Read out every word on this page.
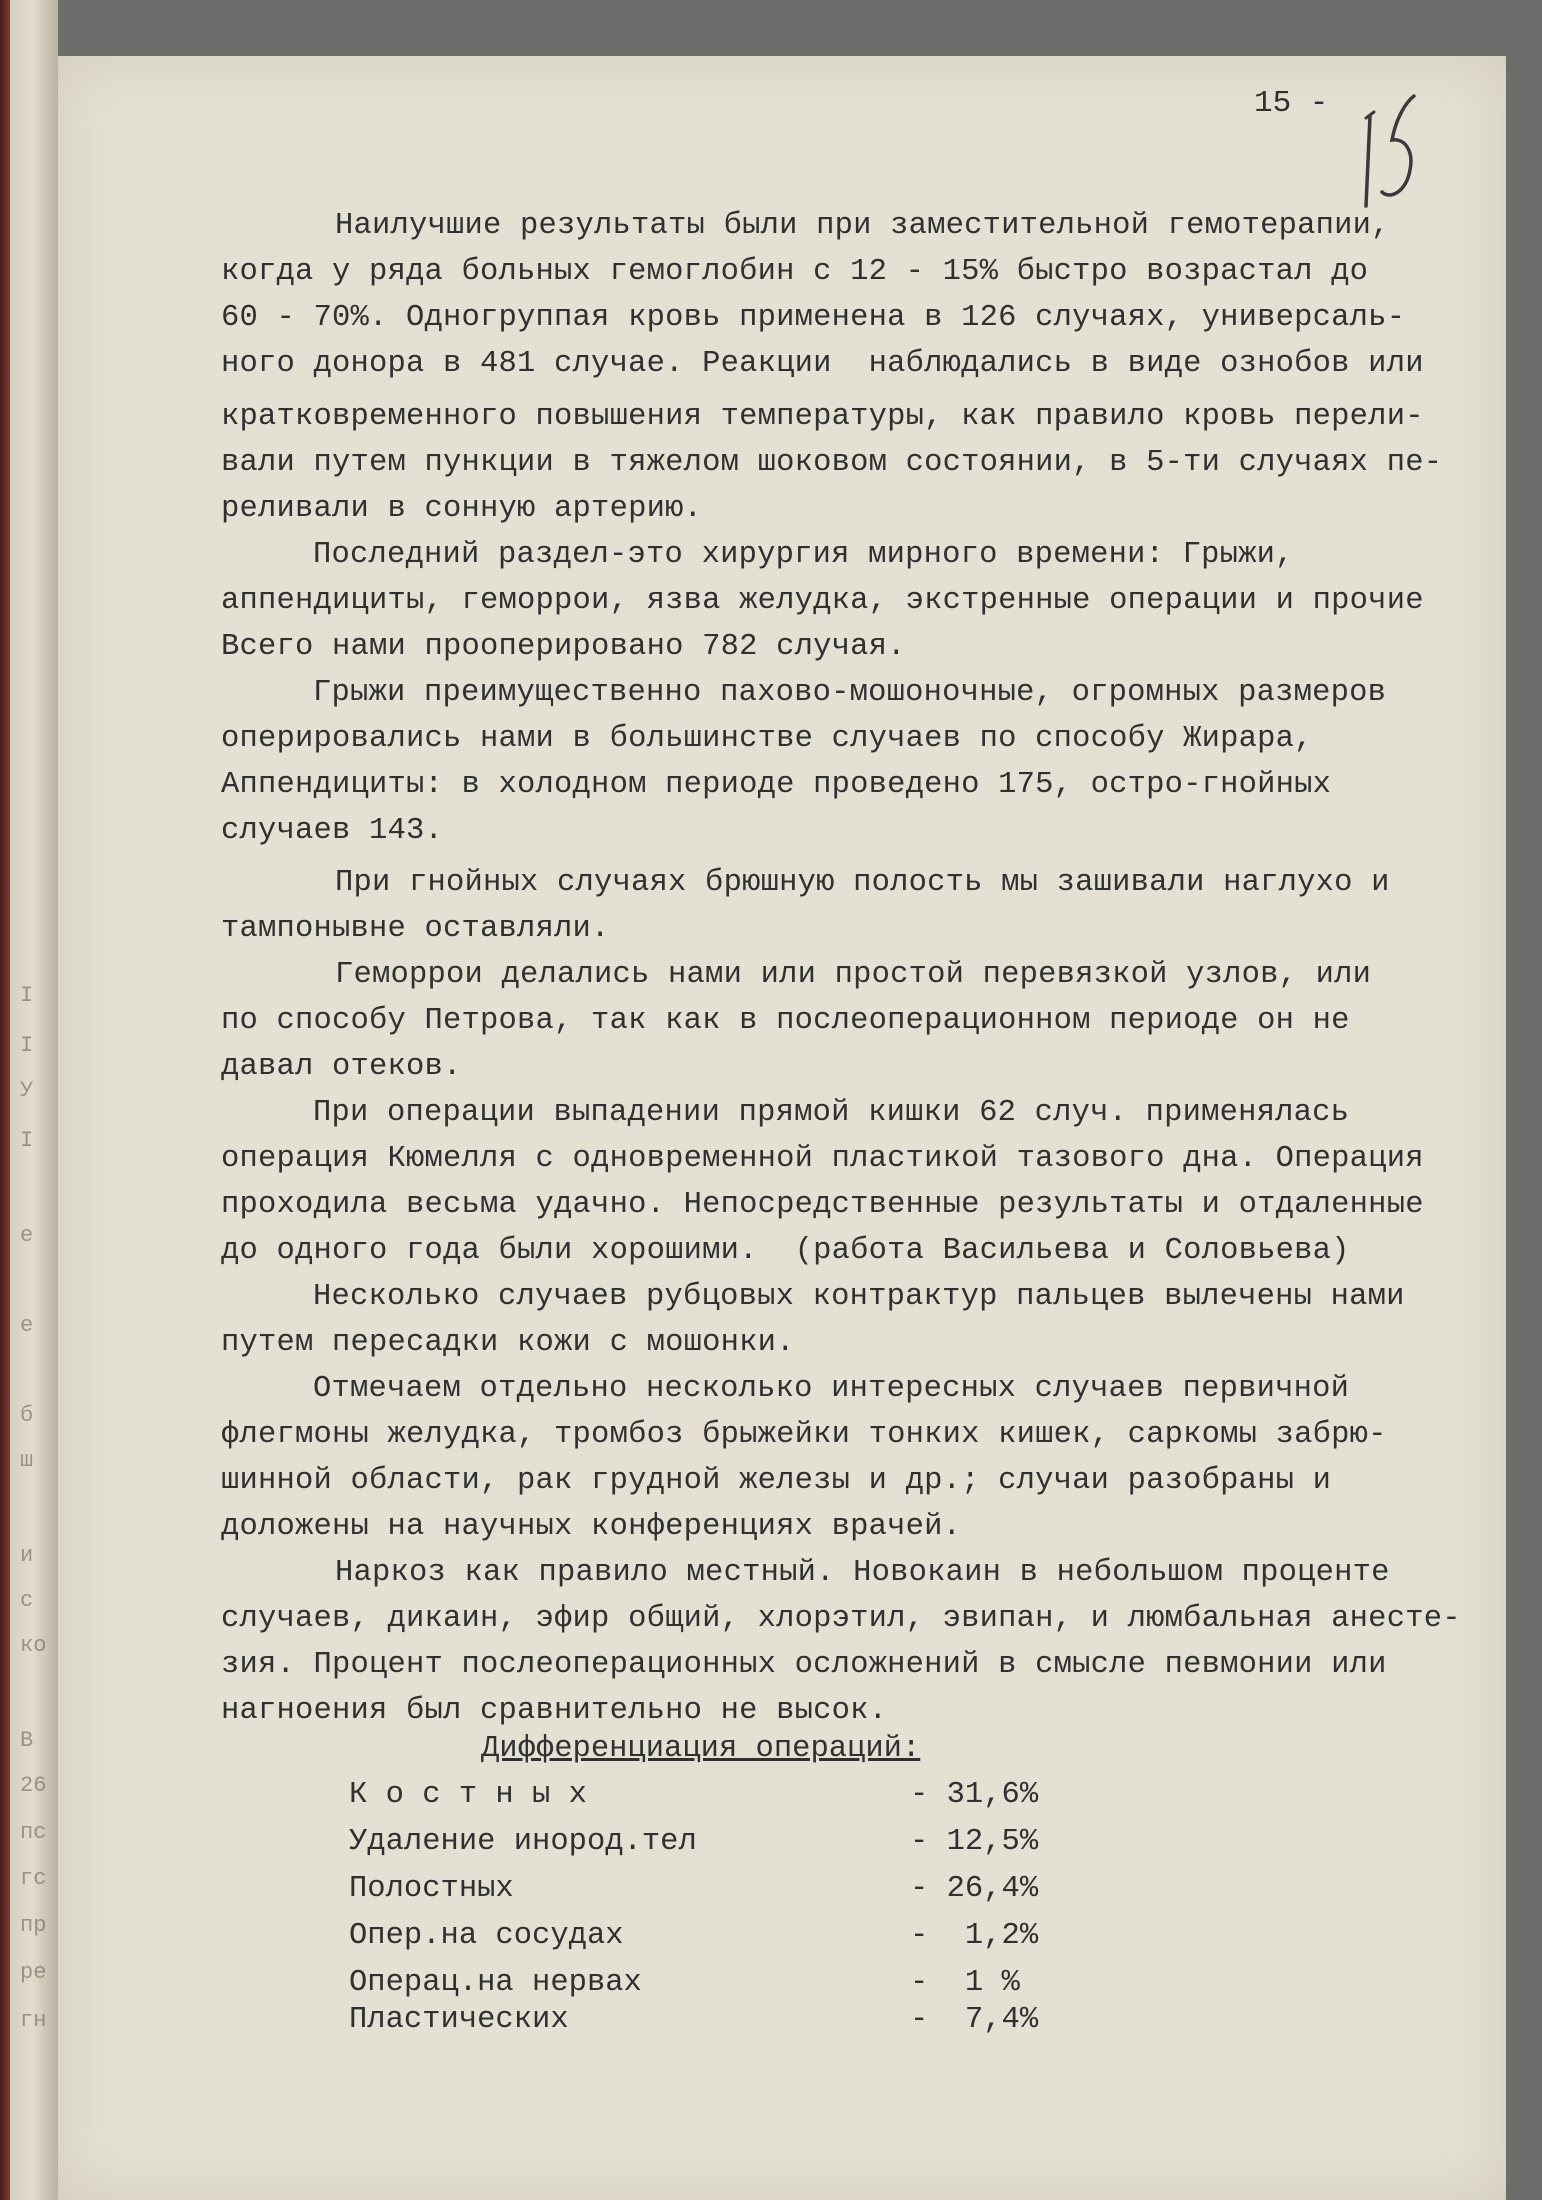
I
I
У
I
е
е
б
ш
и
с
ко
В
26
пс
гс
пр
ре
гн
15 -
Наилучшие результаты были при заместительной гемотерапии,
когда у ряда больных гемоглобин с 12 - 15% быстро возрастал до
60 - 70%. Одногруппая кровь применена в 126 случаях, универсаль-
ного донора в 481 случае. Реакции  наблюдались в виде ознобов или
кратковременного повышения температуры, как правило кровь перели-
вали путем пункции в тяжелом шоковом состоянии, в 5-ти случаях пе-
реливали в сонную артерию.
Последний раздел-это хирургия мирного времени: Грыжи,
аппендициты, геморрои, язва желудка, экстренные операции и прочие
Всего нами прооперировано 782 случая.
Грыжи преимущественно пахово-мошоночные, огромных размеров
оперировались нами в большинстве случаев по способу Жирара,
Аппендициты: в холодном периоде проведено 175, остро-гнойных
случаев 143.
При гнойных случаях брюшную полость мы зашивали наглухо и
тампонывне оставляли.
Геморрои делались нами или простой перевязкой узлов, или
по способу Петрова, так как в послеоперационном периоде он не
давал отеков.
При операции выпадении прямой кишки 62 случ. применялась
операция Кюмелля с одновременной пластикой тазового дна. Операция
проходила весьма удачно. Непосредственные результаты и отдаленные
до одного года были хорошими.  (работа Васильева и Соловьева)
Несколько случаев рубцовых контрактур пальцев вылечены нами
путем пересадки кожи с мошонки.
Отмечаем отдельно несколько интересных случаев первичной
флегмоны желудка, тромбоз брыжейки тонких кишек, саркомы забрю-
шинной области, рак грудной железы и др.; случаи разобраны и
доложены на научных конференциях врачей.
Наркоз как правило местный. Новокаин в небольшом проценте
случаев, дикаин, эфир общий, хлорэтил, эвипан, и люмбальная анесте-
зия. Процент послеоперационных осложнений в смысле певмонии или
нагноения был сравнительно не высок.
Дифференциация операций:
К о с т н ы х	- 31,6%
Удаление инород.тел	- 12,5%
Полостных	- 26,4%
Опер.на сосудах	-  1,2%
Операц.на нервах	-  1 %
Пластических	-  7,4%
